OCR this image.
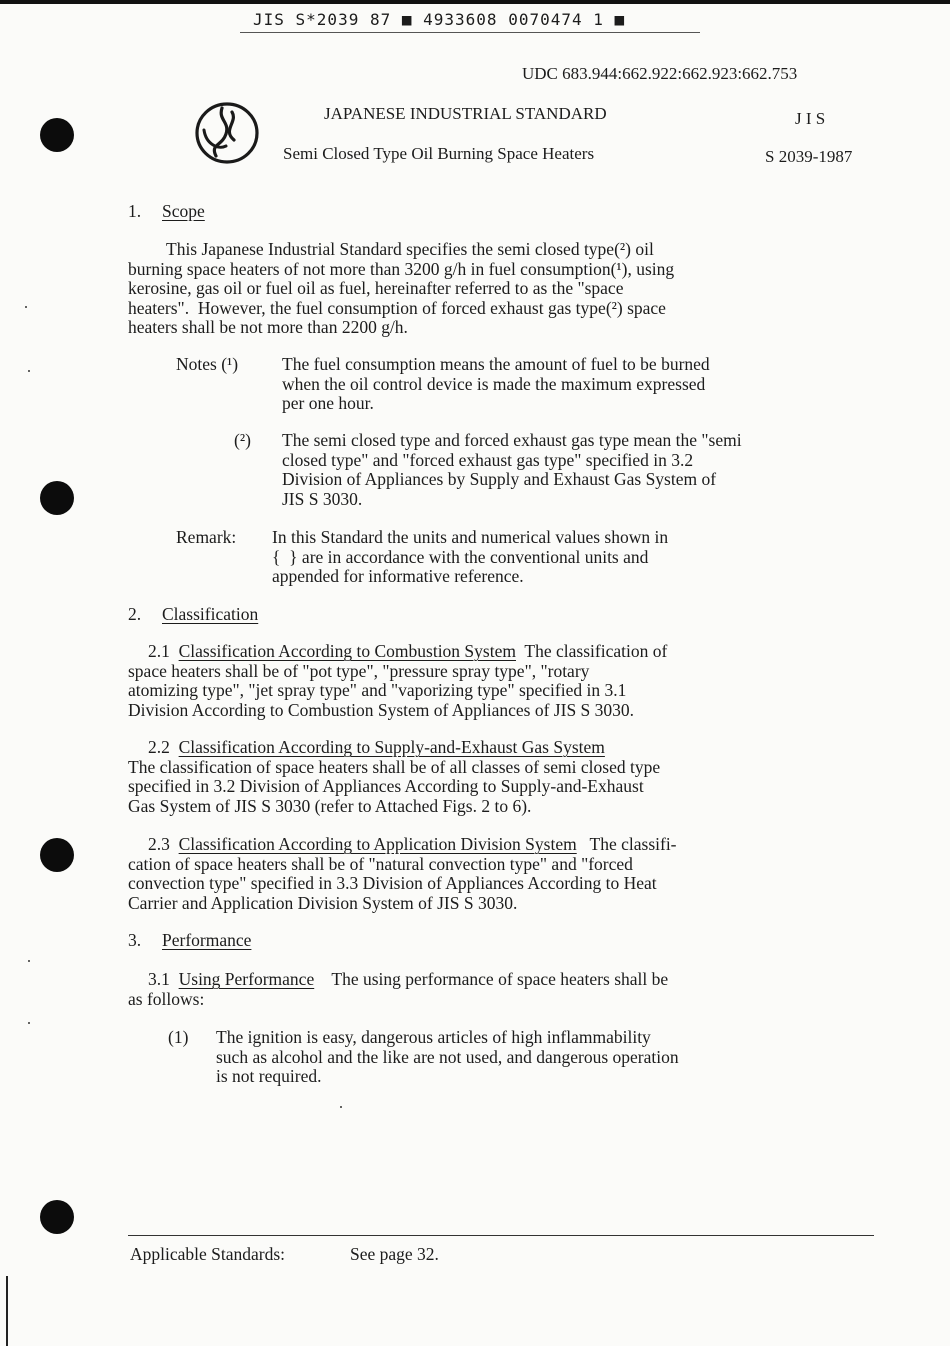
JIS S*2039 87 ■ 4933608 0070474 1 ■
UDC 683.944:662.922:662.923:662.753
JAPANESE INDUSTRIAL STANDARD	J I S
Semi Closed Type Oil Burning Space Heaters	S 2039-1987
1. Scope
This Japanese Industrial Standard specifies the semi closed type(²) oil
burning space heaters of not more than 3200 g/h in fuel consumption(¹), using
kerosine, gas oil or fuel oil as fuel, hereinafter referred to as the "space
heaters".  However, the fuel consumption of forced exhaust gas type(²) space
heaters shall be not more than 2200 g/h.
Notes (¹)	The fuel consumption means the amount of fuel to be burned
when the oil control device is made the maximum expressed
per one hour.
(²) The semi closed type and forced exhaust gas type mean the "semi
closed type" and "forced exhaust gas type" specified in 3.2
Division of Appliances by Supply and Exhaust Gas System of
JIS S 3030.
Remark: In this Standard the units and numerical values shown in
{  } are in accordance with the conventional units and
appended for informative reference.
2. Classification
2.1 Classification According to Combustion System  The classification of
space heaters shall be of "pot type", "pressure spray type", "rotary
atomizing type", "jet spray type" and "vaporizing type" specified in 3.1
Division According to Combustion System of Appliances of JIS S 3030.
2.2 Classification According to Supply-and-Exhaust Gas System
The classification of space heaters shall be of all classes of semi closed type
specified in 3.2 Division of Appliances According to Supply-and-Exhaust
Gas System of JIS S 3030 (refer to Attached Figs. 2 to 6).
2.3 Classification According to Application Division System   The classifi-
cation of space heaters shall be of "natural convection type" and "forced
convection type" specified in 3.3 Division of Appliances According to Heat
Carrier and Application Division System of JIS S 3030.
3. Performance
3.1 Using Performance    The using performance of space heaters shall be
as follows:
(1) The ignition is easy, dangerous articles of high inflammability
such as alcohol and the like are not used, and dangerous operation
is not required.
Applicable Standards:	See page 32.
